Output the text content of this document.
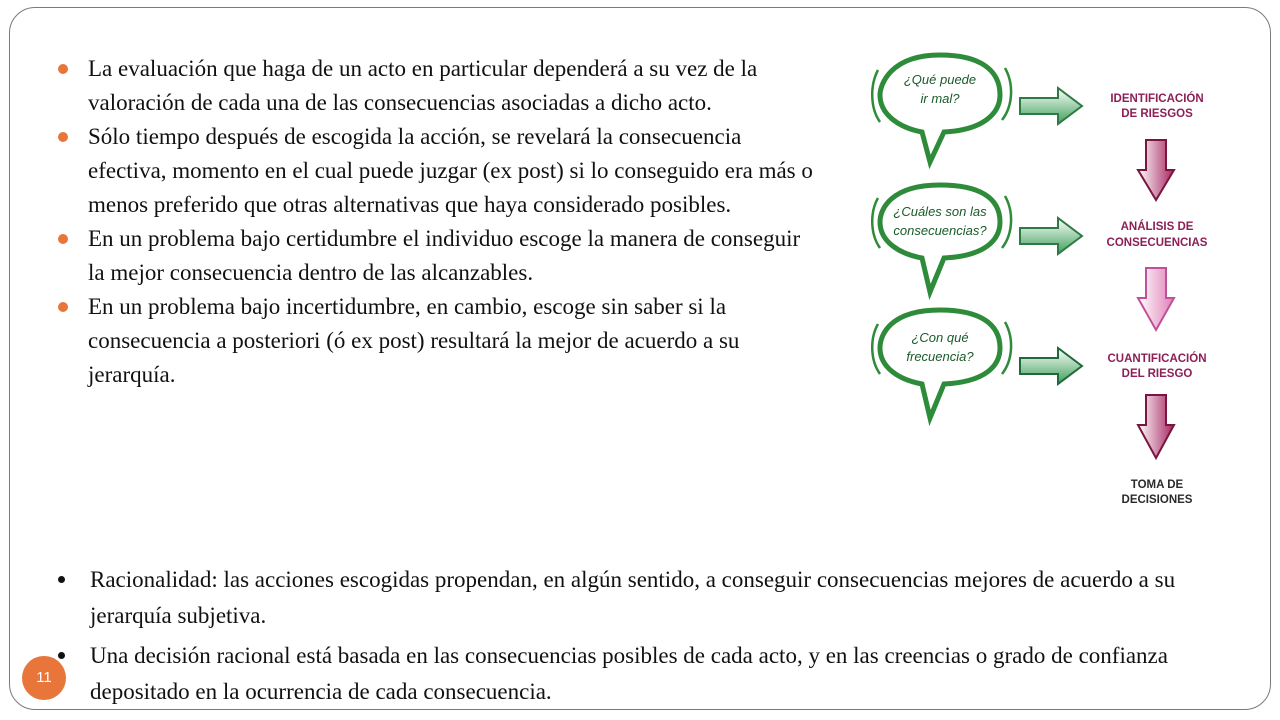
La evaluación que haga de un acto en particular dependerá a su vez de la valoración de cada una de las consecuencias asociadas a dicho acto.
Sólo tiempo después de escogida la acción, se revelará la consecuencia efectiva, momento en el cual puede juzgar (ex post) si lo conseguido era más o menos preferido que otras alternativas que haya considerado posibles.
En un problema bajo certidumbre el individuo escoge la manera de conseguir la mejor consecuencia dentro de las alcanzables.
En un problema bajo incertidumbre, en cambio, escoge sin saber si la consecuencia a posteriori (ó ex post) resultará la mejor de acuerdo a su jerarquía.
¿Qué puede
ir mal?
¿Cuáles son las
consecuencias?
¿Con qué
frecuencia?
IDENTIFICACIÓN
DE RIESGOS
ANÁLISIS DE
CONSECUENCIAS
CUANTIFICACIÓN
DEL RIESGO
TOMA DE
DECISIONES
Racionalidad: las acciones escogidas propendan, en algún sentido, a conseguir consecuencias mejores de acuerdo a su jerarquía subjetiva.
Una decisión racional está basada en las consecuencias posibles de cada acto, y en las creencias o grado de confianza depositado en la ocurrencia de cada consecuencia.
11
